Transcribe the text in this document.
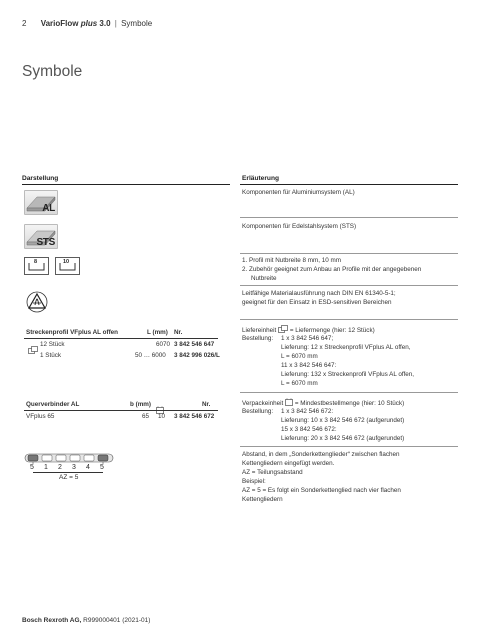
2 VarioFlow plus 3.0 | Symbole
Symbole
Darstellung	Erläuterung
AL
Komponenten für Aluminiumsystem (AL)
STS
Komponenten für Edelstahlsystem (STS)
8	10	1. Profil mit Nutbreite 8 mm, 10 mm
2. Zubehör geeignet zum Anbau an Profile mit der angegebenen
Nutbreite
Leitfähige Materialausführung nach DIN EN 61340-5-1;
geeignet für den Einsatz in ESD-sensitiven Bereichen
Streckenprofil VFplus AL offen	L (mm) Nr.
12 Stück	6070 3 842 546 647
1 Stück	50 … 6000 3 842 996 026/L
Liefereinheit = Liefermenge (hier: 12 Stück)
Bestellung: 1 x 3 842 546 647;
Lieferung: 12 x Streckenprofil VFplus AL offen,
L = 6070 mm
11 x 3 842 546 647:
Lieferung: 132 x Streckenprofil VFplus AL offen,
L = 6070 mm
Querverbinder AL	b (mm)	Nr.
VFplus 65	65 10 3 842 546 672
Verpackeinheit = Mindestbestellmenge (hier: 10 Stück)
Bestellung: 1 x 3 842 546 672:
Lieferung: 10 x 3 842 546 672 (aufgerundet)
15 x 3 842 546 672:
Lieferung: 20 x 3 842 546 672 (aufgerundet)
5 1 2 3 4 5
AZ = 5
Abstand, in dem „Sonderkettenglieder“ zwischen flachen
Kettengliedern eingefügt werden.
AZ = Teilungsabstand
Beispiel:
AZ = 5 = Es folgt ein Sonderkettenglied nach vier flachen
Kettengliedern
Bosch Rexroth AG, R999000401 (2021-01)
